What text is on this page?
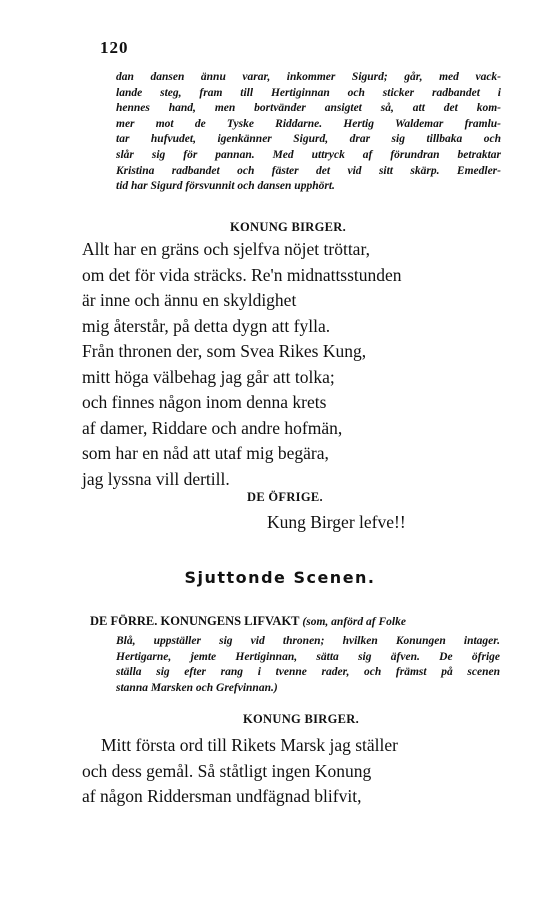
120
dan dansen ännu varar, inkommer Sigurd; går, med vack-
lande steg, fram till Hertiginnan och sticker radbandet i
hennes hand, men bortvänder ansigtet så, att det kom-
mer mot de Tyske Riddarne. Hertig Waldemar framlu-
tar hufvudet, igenkänner Sigurd, drar sig tillbaka och
slår sig för pannan. Med uttryck af förundran betraktar
Kristina radbandet och fäster det vid sitt skärp. Emedler-
tid har Sigurd försvunnit och dansen upphört.
KONUNG BIRGER.
Allt har en gräns och sjelfva nöjet tröttar,
om det för vida sträcks. Re'n midnattsstunden
är inne och ännu en skyldighet
mig återstår, på detta dygn att fylla.
Från thronen der, som Svea Rikes Kung,
mitt höga välbehag jag går att tolka;
och finnes någon inom denna krets
af damer, Riddare och andre hofmän,
som har en nåd att utaf mig begära,
jag lyssna vill dertill.
DE ÖFRIGE.
Kung Birger lefve!!
Sjuttonde Scenen.
DE FÖRRE. KONUNGENS LIFVAKT (som, anförd af Folke
Blå, uppställer sig vid thronen; hvilken Konungen intager.
Hertigarne, jemte Hertiginnan, sätta sig äfven. De öfrige
ställa sig efter rang i tvenne rader, och främst på scenen
stanna Marsken och Grefvinnan.)
KONUNG BIRGER.
Mitt första ord till Rikets Marsk jag ställer
och dess gemål. Så ståtligt ingen Konung
af någon Riddersman undfägnad blifvit,
